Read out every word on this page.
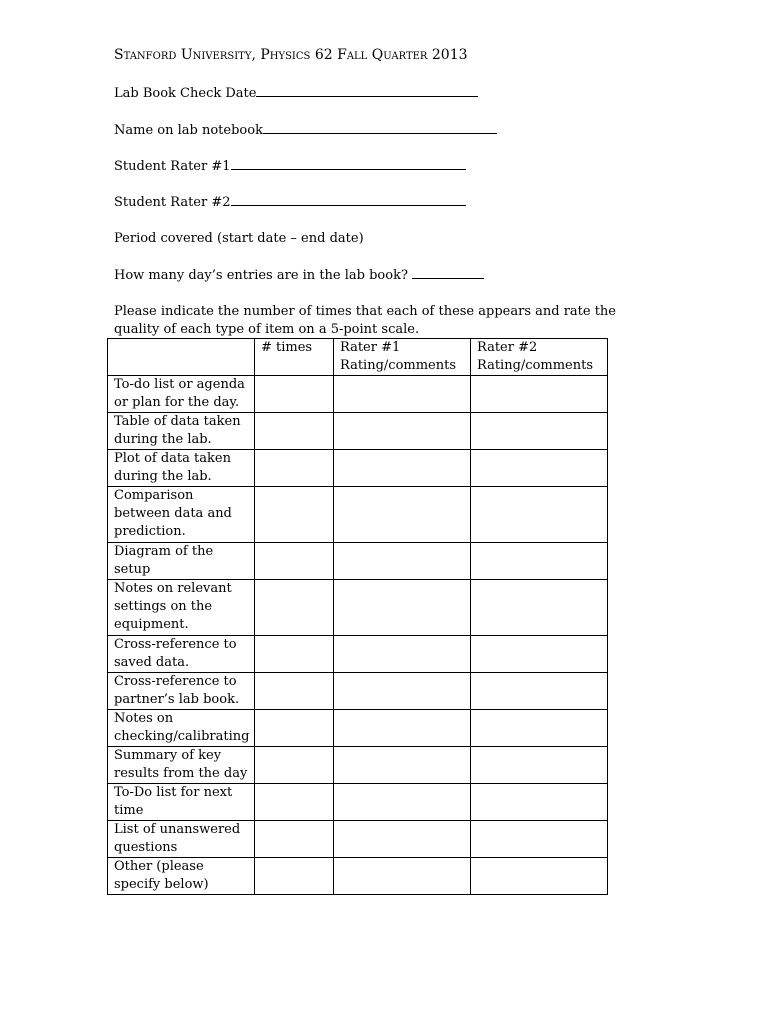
Stanford University, Physics 62 Fall Quarter 2013
Lab Book Check Date
Name on lab notebook
Student Rater #1
Student Rater #2
Period covered (start date – end date)
How many day’s entries are in the lab book?
Please indicate the number of times that each of these appears and rate the quality of each type of item on a 5-point scale.
	# times	Rater #1 Rating/comments	Rater #2 Rating/comments
To-do list or agenda or plan for the day.			
Table of data taken during the lab.			
Plot of data taken during the lab.			
Comparison between data and prediction.			
Diagram of the setup			
Notes on relevant settings on the equipment.			
Cross-reference to saved data.			
Cross-reference to partner’s lab book.			
Notes on checking/calibrating			
Summary of key results from the day			
To-Do list for next time			
List of unanswered questions			
Other (please specify below)			
